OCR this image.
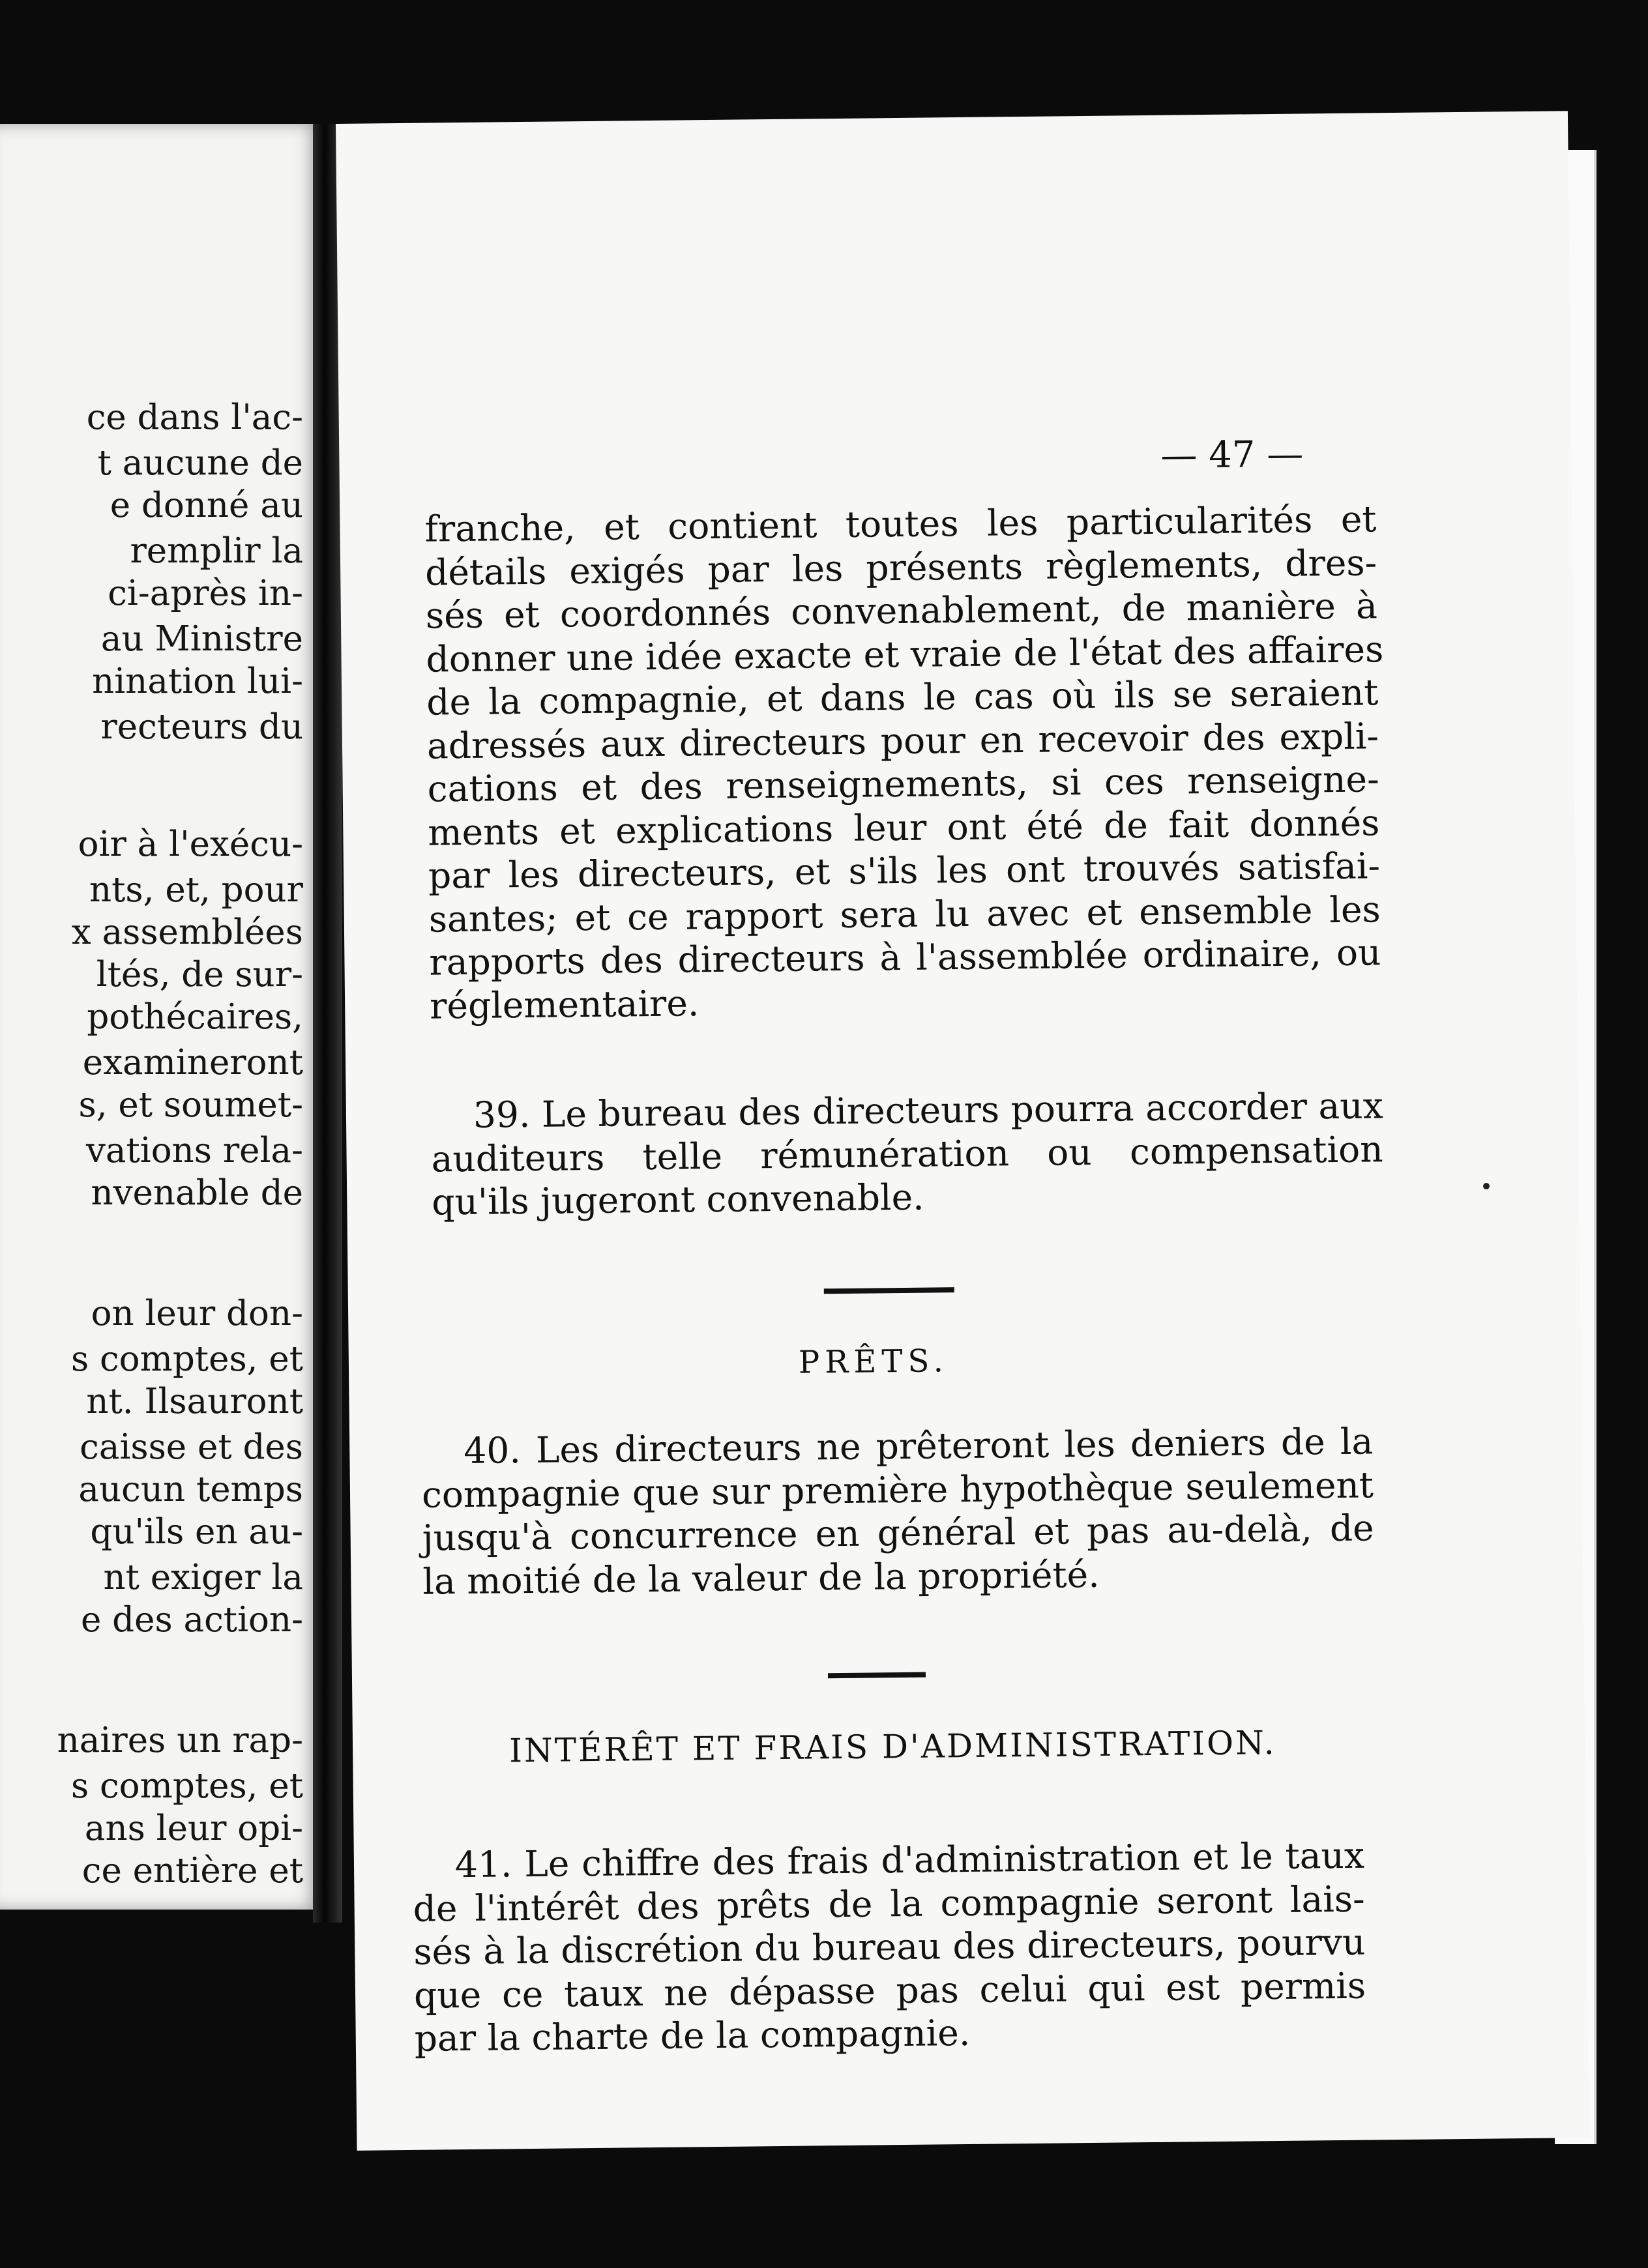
ce dans l'ac-
t aucune de
e donné au
remplir la
ci-après in-
au Ministre
nination lui-
recteurs du
oir à l'exécu-
nts, et, pour
x assemblées
ltés, de sur-
pothécaires,
examineront
s, et soumet-
vations rela-
nvenable de
on leur don-
s comptes, et
nt. Ilsauront
caisse et des
aucun temps
qu'ils en au-
nt exiger la
e des action-
naires un rap-
s comptes, et
ans leur opi-
ce entière et
— 47 —
franche, et contient toutes les particularités et
détails exigés par les présents règlements, dres-
sés et coordonnés convenablement, de manière à
donner une idée exacte et vraie de l'état des affaires
de la compagnie, et dans le cas où ils se seraient
adressés aux directeurs pour en recevoir des expli-
cations et des renseignements, si ces renseigne-
ments et explications leur ont été de fait donnés
par les directeurs, et s'ils les ont trouvés satisfai-
santes; et ce rapport sera lu avec et ensemble les
rapports des directeurs à l'assemblée ordinaire, ou
réglementaire.
39. Le bureau des directeurs pourra accorder aux
auditeurs telle rémunération ou compensation
qu'ils jugeront convenable.
PRÊTS.
40. Les directeurs ne prêteront les deniers de la
compagnie que sur première hypothèque seulement
jusqu'à concurrence en général et pas au-delà, de
la moitié de la valeur de la propriété.
INTÉRÊT ET FRAIS D'ADMINISTRATION.
41. Le chiffre des frais d'administration et le taux
de l'intérêt des prêts de la compagnie seront lais-
sés à la discrétion du bureau des directeurs, pourvu
que ce taux ne dépasse pas celui qui est permis
par la charte de la compagnie.
